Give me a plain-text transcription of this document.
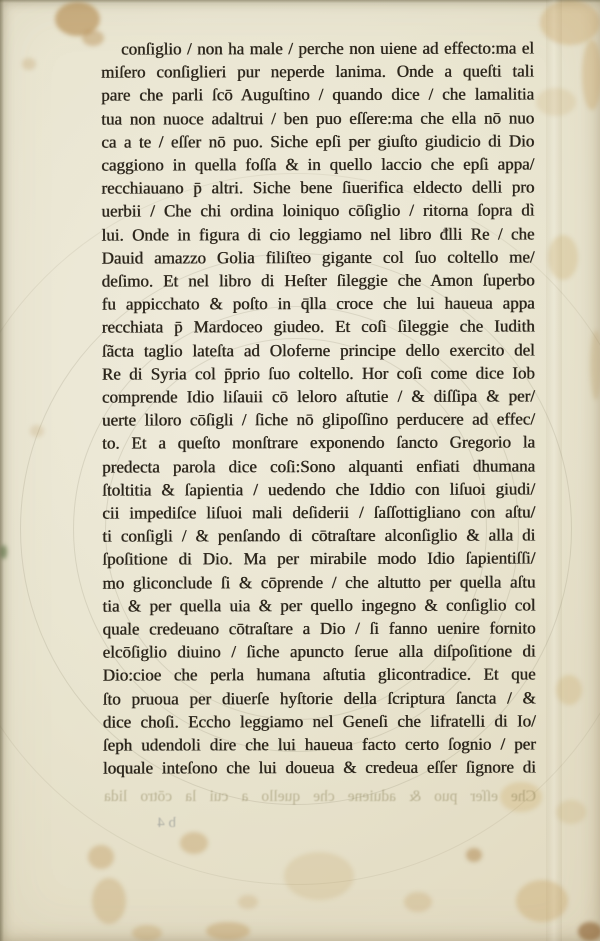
conſiglio / non ha male / perche non uiene ad effecto:ma el
miſero conſiglieri pur neperde lanima. Onde a queſti tali
pare che parli ſcō Auguſtino / quando dice / che lamalitia
tua non nuoce adaltrui / ben puo eſſere:ma che ella nō nuo
ca a te / eſſer nō puo. Siche epſi per giuſto giudicio di Dio
caggiono in quella foſſa & in quello laccio che epſi appa/
recchiauano p̄ altri. Siche bene ſiuerifica eldecto delli pro
uerbii / Che chi ordina loiniquo cōſiglio / ritorna ſopra dì
lui. Onde in figura di cio leggiamo nel libro đlli Re / che
Dauid amazzo Golia filiſteo gigante col ſuo coltello me/
deſimo. Et nel libro di Heſter ſileggie che Amon ſuperbo
fu appicchato & poſto in q̄lla croce che lui haueua appa
recchiata p̄ Mardoceo giudeo. Et coſi ſileggie che Iudith
ſãcta taglio lateſta ad Oloferne principe dello exercito del
Re di Syria col p̄prio ſuo coltello. Hor coſi come dice Iob
comprende Idio liſauii cō leloro aſtutie / & diſſipa & per/
uerte liloro cōſigli / ſiche nō glipoſſino perducere ad effec/
to. Et a queſto monſtrare exponendo ſancto Gregorio la
predecta parola dice coſi:Sono alquanti enfiati dhumana
ſtoltitia & ſapientia / uedendo che Iddio con liſuoi giudi/
cii impediſce liſuoi mali deſiderii / ſaſſottigliano con aſtu/
ti conſigli / & penſando di cōtraſtare alconſiglio & alla di
ſpoſitione di Dio. Ma per mirabile modo Idio ſapientiſſi/
mo gliconclude ſi & cōprende / che altutto per quella aſtu
tia & per quella uia & per quello ingegno & conſiglio col
quale credeuano cōtraſtare a Dio / ſi fanno uenire fornito
elcōſiglio diuino / ſiche apuncto ſerue alla diſpoſitione di
Dio:cioe che perla humana aſtutia glicontradice. Et que
ſto pruoua per diuerſe hyſtorie della ſcriptura ſancta / &
dice choſi. Eccho leggiamo nel Geneſi che lifratelli di Io/
ſeph udendoli dire che lui haueua facto certo ſognio / per
loquale inteſono che lui doueua & credeua eſſer ſignore di
Che eſſer puo & aduiene che quello a cui la cōtro lida
b 4
